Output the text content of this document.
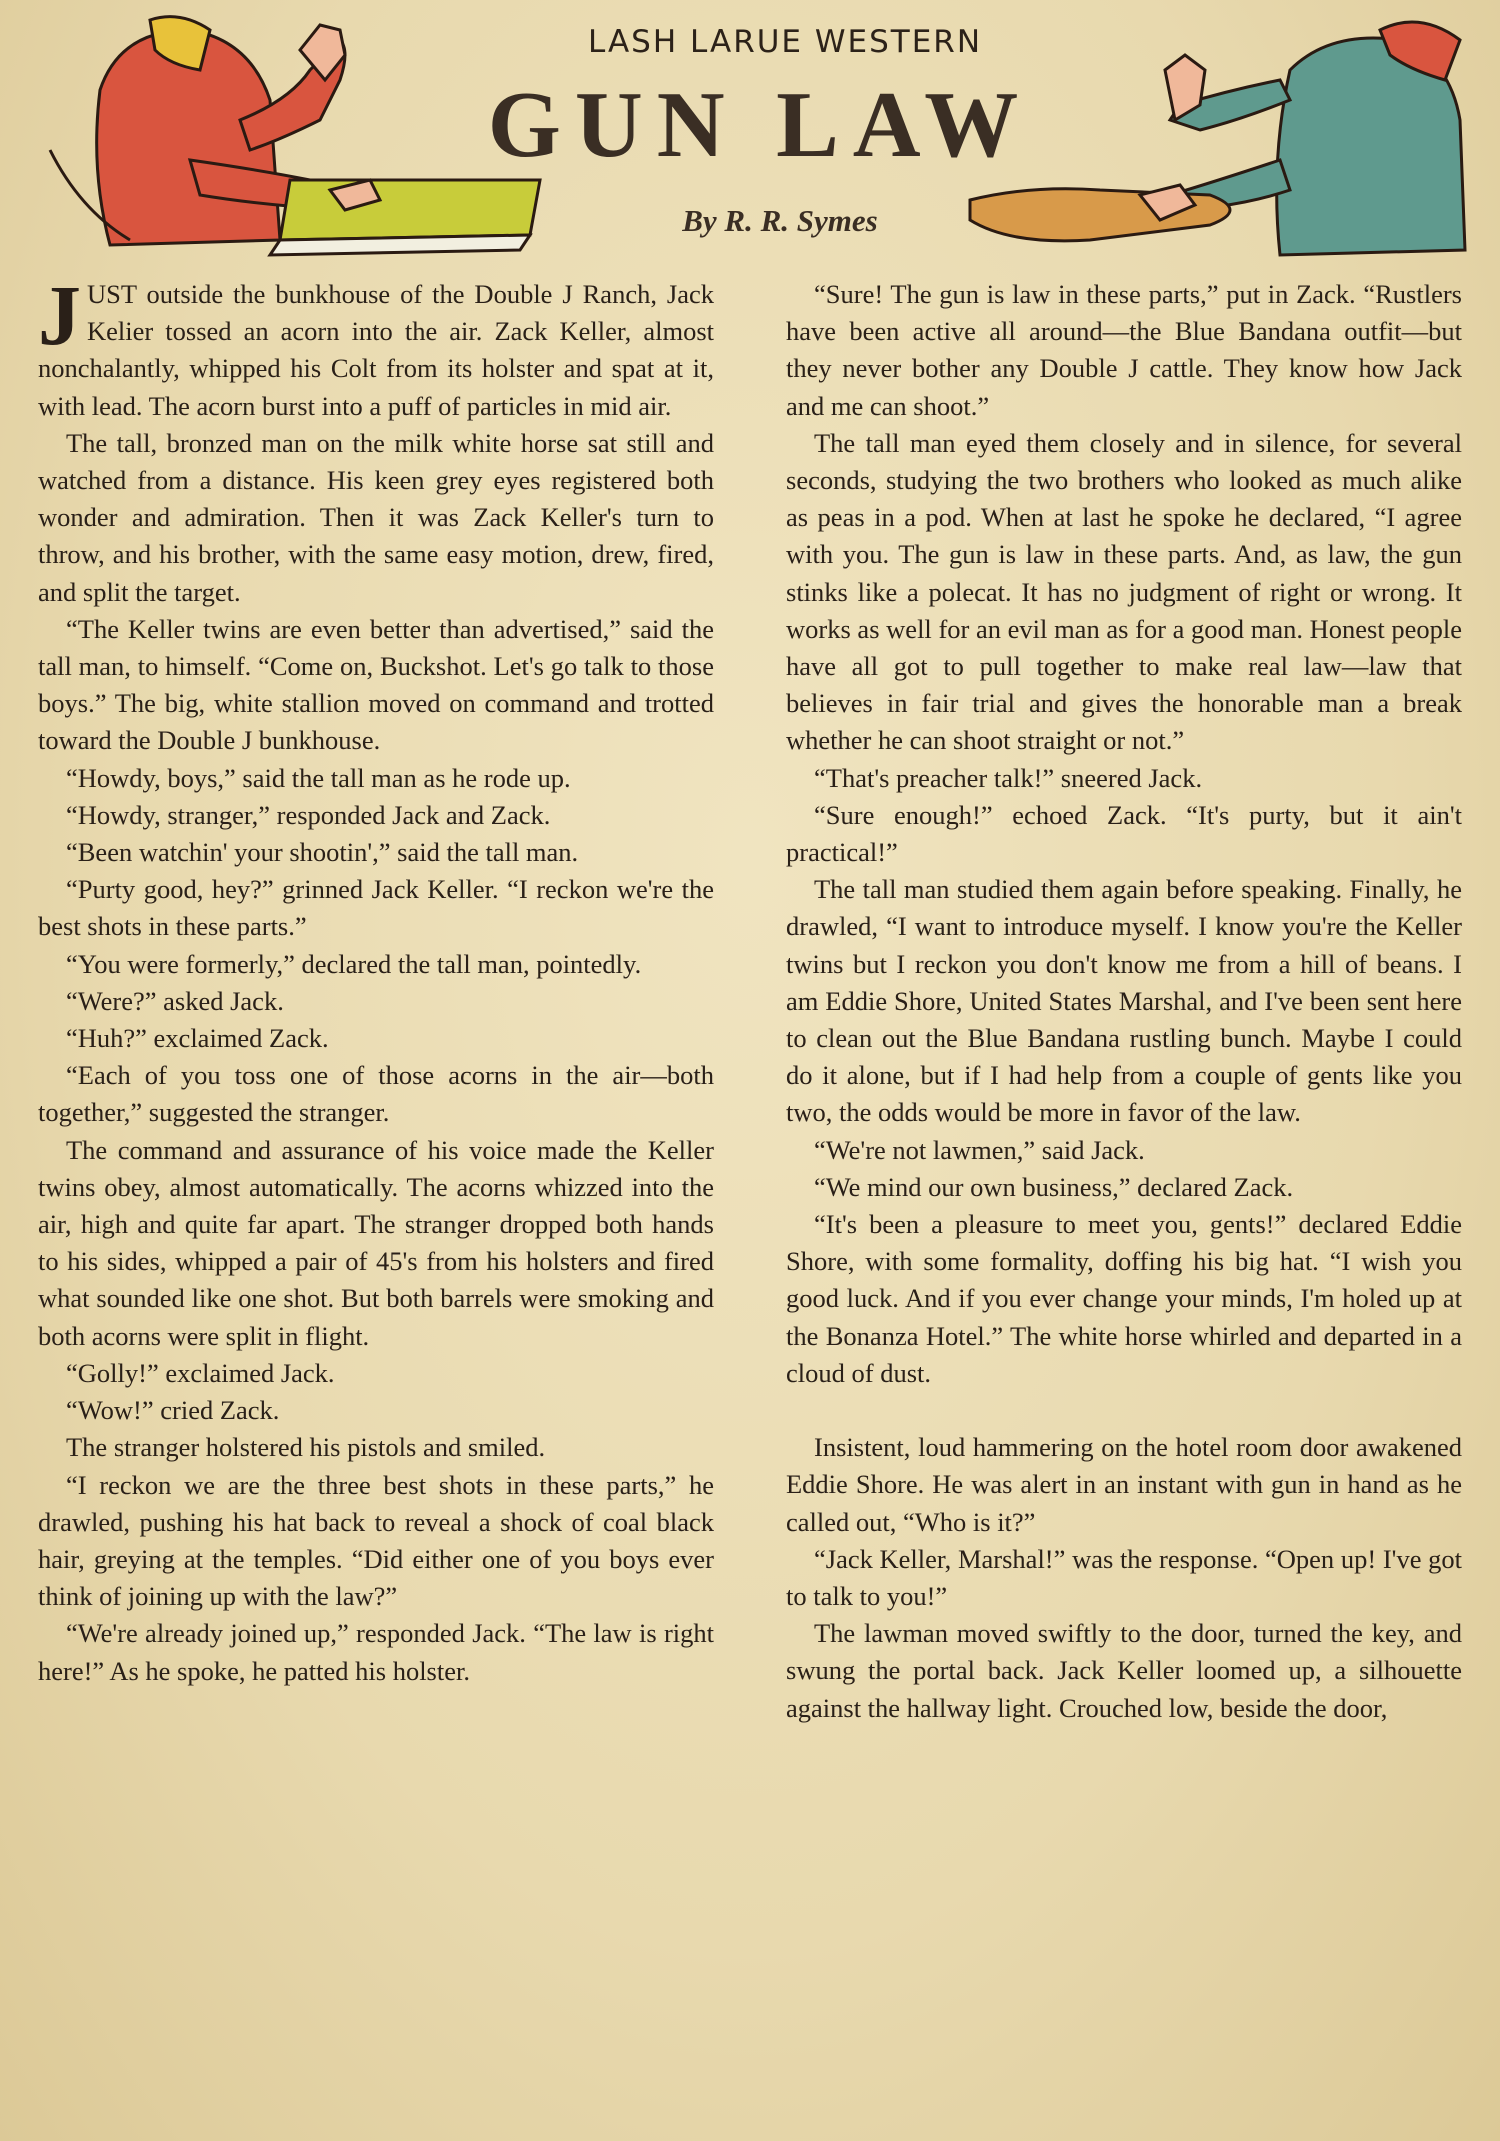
LASH LARUE WESTERN
GUN LAW
By R. R. Symes

JUST outside the bunkhouse of the Double J Ranch, Jack Kelier tossed an acorn into the air. Zack Keller, almost nonchalantly, whipped his Colt from its holster and spat at it, with lead. The acorn burst into a puff of particles in mid air.

The tall, bronzed man on the milk white horse sat still and watched from a distance. His keen grey eyes registered both wonder and admiration. Then it was Zack Keller's turn to throw, and his brother, with the same easy motion, drew, fired, and split the target.

“The Keller twins are even better than advertised,” said the tall man, to himself. “Come on, Buckshot. Let's go talk to those boys.” The big, white stallion moved on command and trotted toward the Double J bunkhouse.

“Howdy, boys,” said the tall man as he rode up.

“Howdy, stranger,” responded Jack and Zack.

“Been watchin' your shootin',” said the tall man.

“Purty good, hey?” grinned Jack Keller. “I reckon we're the best shots in these parts.”

“You were formerly,” declared the tall man, pointedly.

“Were?” asked Jack.

“Huh?” exclaimed Zack.

“Each of you toss one of those acorns in the air—both together,” suggested the stranger.

The command and assurance of his voice made the Keller twins obey, almost automatically. The acorns whizzed into the air, high and quite far apart. The stranger dropped both hands to his sides, whipped a pair of 45's from his holsters and fired what sounded like one shot. But both barrels were smoking and both acorns were split in flight.

“Golly!” exclaimed Jack.

“Wow!” cried Zack.

The stranger holstered his pistols and smiled.

“I reckon we are the three best shots in these parts,” he drawled, pushing his hat back to reveal a shock of coal black hair, greying at the temples. “Did either one of you boys ever think of joining up with the law?”

“We're already joined up,” responded Jack. “The law is right here!” As he spoke, he patted his holster.

“Sure! The gun is law in these parts,” put in Zack. “Rustlers have been active all around—the Blue Bandana outfit—but they never bother any Double J cattle. They know how Jack and me can shoot.”

The tall man eyed them closely and in silence, for several seconds, studying the two brothers who looked as much alike as peas in a pod. When at last he spoke he declared, “I agree with you. The gun is law in these parts. And, as law, the gun stinks like a polecat. It has no judgment of right or wrong. It works as well for an evil man as for a good man. Honest people have all got to pull together to make real law—law that believes in fair trial and gives the honorable man a break whether he can shoot straight or not.”

“That's preacher talk!” sneered Jack.

“Sure enough!” echoed Zack. “It's purty, but it ain't practical!”

The tall man studied them again before speaking. Finally, he drawled, “I want to introduce myself. I know you're the Keller twins but I reckon you don't know me from a hill of beans. I am Eddie Shore, United States Marshal, and I've been sent here to clean out the Blue Bandana rustling bunch. Maybe I could do it alone, but if I had help from a couple of gents like you two, the odds would be more in favor of the law.

“We're not lawmen,” said Jack.

“We mind our own business,” declared Zack.

“It's been a pleasure to meet you, gents!” declared Eddie Shore, with some formality, doffing his big hat. “I wish you good luck. And if you ever change your minds, I'm holed up at the Bonanza Hotel.” The white horse whirled and departed in a cloud of dust.

Insistent, loud hammering on the hotel room door awakened Eddie Shore. He was alert in an instant with gun in hand as he called out, “Who is it?”

“Jack Keller, Marshal!” was the response. “Open up! I've got to talk to you!”

The lawman moved swiftly to the door, turned the key, and swung the portal back. Jack Keller loomed up, a silhouette against the hallway light. Crouched low, beside the door,
